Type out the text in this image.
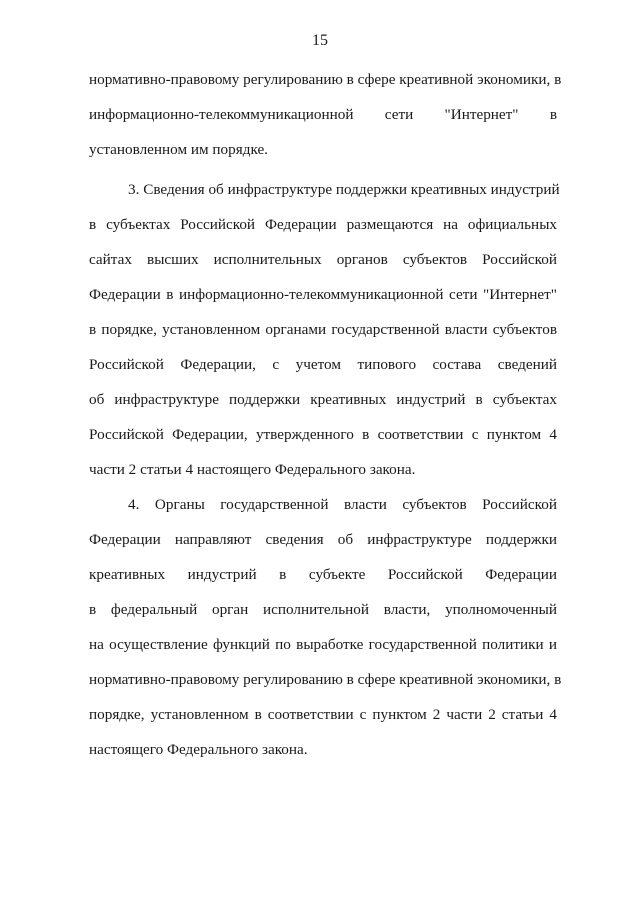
15
нормативно-правовому регулированию в сфере креативной экономики, в
информационно-телекоммуникационной сети "Интернет" в
установленном им порядке.
3. Сведения об инфраструктуре поддержки креативных индустрий
в субъектах Российской Федерации размещаются на официальных
сайтах высших исполнительных органов субъектов Российской
Федерации в информационно-телекоммуникационной сети "Интернет"
в порядке, установленном органами государственной власти субъектов
Российской Федерации, с учетом типового состава сведений
об инфраструктуре поддержки креативных индустрий в субъектах
Российской Федерации, утвержденного в соответствии с пунктом 4
части 2 статьи 4 настоящего Федерального закона.
4. Органы государственной власти субъектов Российской
Федерации направляют сведения об инфраструктуре поддержки
креативных индустрий в субъекте Российской Федерации
в федеральный орган исполнительной власти, уполномоченный
на осуществление функций по выработке государственной политики и
нормативно-правовому регулированию в сфере креативной экономики, в
порядке, установленном в соответствии с пунктом 2 части 2 статьи 4
настоящего Федерального закона.
